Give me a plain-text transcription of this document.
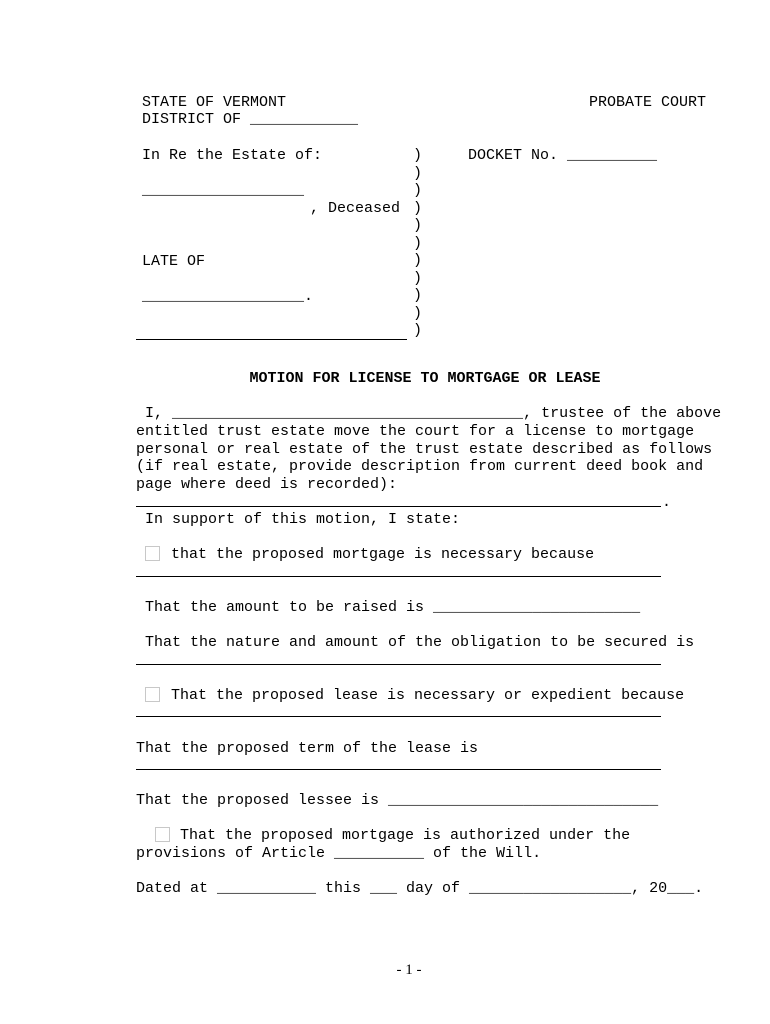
STATE OF VERMONT	PROBATE COURT
DISTRICT OF ____________
In Re the Estate of:	DOCKET No. __________
__________________
, Deceased
LATE OF
__________________.
)
)
)
)
)
)
)
)
)
)
)
MOTION FOR LICENSE TO MORTGAGE OR LEASE
I, _______________________________________, trustee of the above
entitled trust estate move the court for a license to mortgage
personal or real estate of the trust estate described as follows
(if real estate, provide description from current deed book and
page where deed is recorded):
.
In support of this motion, I state:
that the proposed mortgage is necessary because
That the amount to be raised is _______________________
That the nature and amount of the obligation to be secured is
That the proposed lease is necessary or expedient because
That the proposed term of the lease is
That the proposed lessee is ______________________________
That the proposed mortgage is authorized under the
provisions of Article __________ of the Will.
Dated at ___________ this ___ day of __________________, 20___.
- 1 -
